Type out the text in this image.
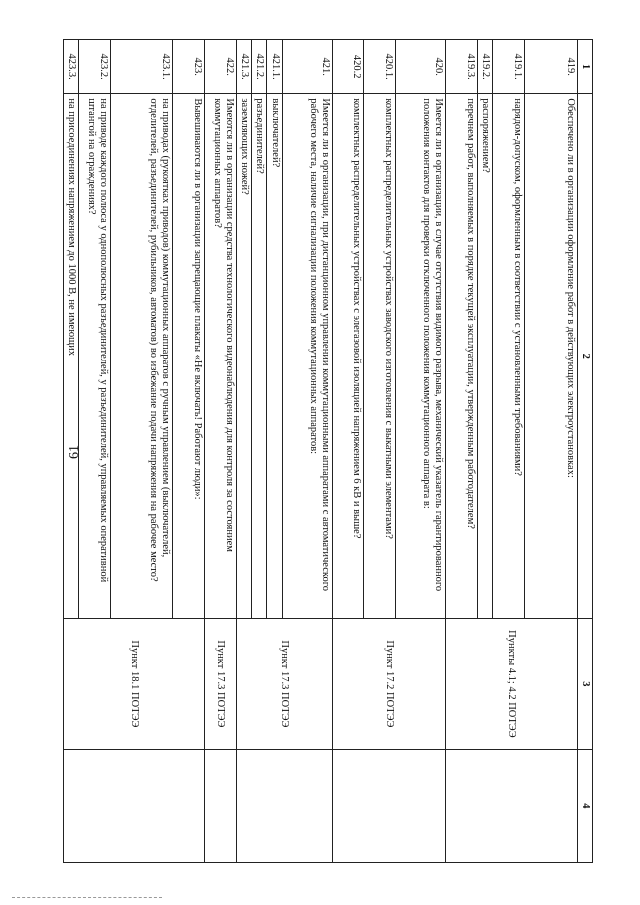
61
1	2	3	4
419.	Обеспечено ли в организации оформление работ в действующих электроустановках:	Пункты 4.1; 4.2 ПОТЭЭ	
419.1.	нарядом-допуском, оформленным в соответствии с установленными требованиями?		
419.2.	распоряжением?		
419.3.	перечнем работ, выполняемых в порядке текущей эксплуатации, утвержденным работодателем?		
420.	Имеется ли в организации, в случае отсутствия видимого разрыва, механический указатель гарантированного положения контактов для проверки отключенного положения коммутационного аппарата в:	Пункт 17.2 ПОТЭЭ	
420.1.	комплектных распределительных устройствах заводского изготовления с выкатными элементами?		
420.2	комплектных распределительных устройствах с элегазовой изоляцией напряжением 6 кВ и выше?		
421.	Имеется ли в организации, при дистанционном управлении коммутационными аппаратами с автоматического рабочего места, наличие сигнализации положения коммутационных аппаратов:	Пункт 17.3 ПОТЭЭ	
421.1.	выключателей?		
421.2.	разъединителей?		
421.3.	заземляющих ножей?		
422.	Имеются ли в организации средства технологического видеонаблюдения для контроля за состоянием коммутационных аппаратов?	Пункт 17.3 ПОТЭЭ	
423.	Вывешиваются ли в организации запрещающие плакаты «Не включать! Работают люди»:	Пункт 18.1 ПОТЭЭ	
423.1.	на приводах (рукоятках приводов) коммутационных аппаратов с ручным управлением (выключателей, отделителей, разъединителей, рубильников, автоматов) во избежание подачи напряжения на рабочее место?		
423.2.	на приводе каждого полюса у однополюсных разъединителей, у разъединителей, управляемых оперативной штангой на ограждениях?		
423.3.	на присоединениях напряжением до 1000 В, не имеющих		
